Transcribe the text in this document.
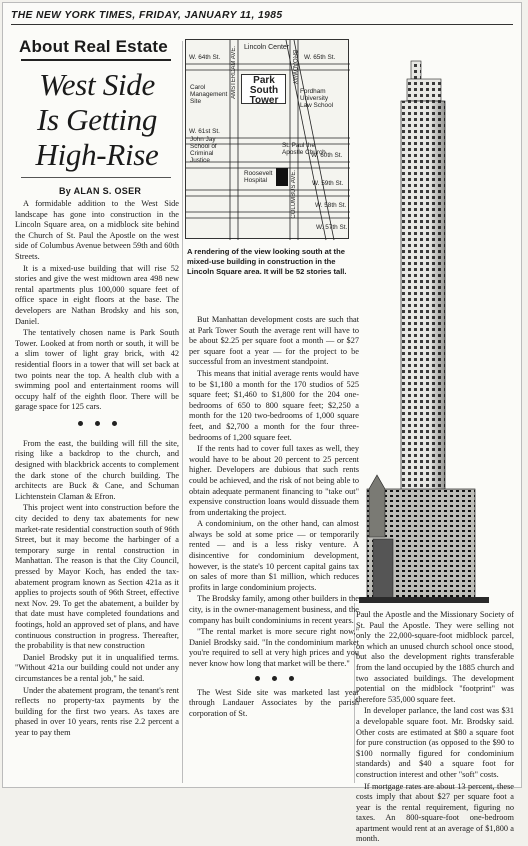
THE NEW YORK TIMES, FRIDAY, JANUARY 11, 1985
About Real Estate
West Side
Is Getting
High-Rise
By ALAN S. OSER

A formidable addition to the West Side landscape has gone into construction in the Lincoln Square area, on a midblock site behind the Church of St. Paul the Apostle on the west side of Columbus Avenue between 59th and 60th Streets.

It is a mixed-use building that will rise 52 stories and give the west midtown area 498 new rental apartments plus 100,000 square feet of office space in eight floors at the base. The developers are Nathan Brodsky and his son, Daniel.

The tentatively chosen name is Park South Tower. Looked at from north or south, it will be a slim tower of light gray brick, with 42 residential floors in a tower that will set back at two points near the top. A health club with a swimming pool and entertainment rooms will occupy half of the eighth floor. There will be garage space for 125 cars.

From the east, the building will fill the site, rising like a backdrop to the church, and designed with blackbrick accents to complement the dark stone of the church building. The architects are Buck & Cane, and Schuman Lichtenstein Claman & Efron.

This project went into construction before the city decided to deny tax abatements for new market-rate residential construction south of 96th Street, but it may become the harbinger of a temporary surge in rental construction in Manhattan. The reason is that the City Council, pressed by Mayor Koch, has ended the tax-abatement program known as Section 421a as it applies to projects south of 96th Street, effective next Nov. 29. To get the abatement, a builder by that date must have completed foundations and footings, hold an approved set of plans, and have continuous construction in progress. Thereafter, the probability is that new construction

Daniel Brodsky put it in unqualified terms. "Without 421a our building could not under any circumstances be a rental job," he said.

Under the abatement program, the tenant's rent reflects no property-tax payments by the building for the first two years. As taxes are phased in over 10 years, rents rise 2.2 percent a year to pay them

W. 65th St.
W. 64th St.
W. 61st St.
W. 60th St.
W. 59th St.
W. 58th St.
W. 57th St.
AMSTERDAM AVE.
COLUMBUS AVE.
BROADWAY
Lincoln Center
Park
South
Tower
Carol
Management
Site
Fordham
University
Law School
John Jay
School of
Criminal
Justice
St. Paul the
Apostle Church
Roosevelt
Hospital
A rendering of the view looking south at the mixed-use building in construction in the Lincoln Square area. It will be 52 stories tall.

But Manhattan development costs are such that at Park Tower South the average rent will have to be about $2.25 per square foot a month — or $27 per square foot a year — for the project to be successful from an investment standpoint.

This means that initial average rents would have to be $1,180 a month for the 170 studios of 525 square feet; $1,460 to $1,800 for the 204 one-bedrooms of 650 to 800 square feet; $2,250 a month for the 120 two-bedrooms of 1,000 square feet, and $2,700 a month for the four three-bedrooms of 1,200 square feet.

If the rents had to cover full taxes as well, they would have to be about 20 percent to 25 percent higher. Developers are dubious that such rents could be achieved, and the risk of not being able to obtain adequate permanent financing to "take out" expensive construction loans would dissuade them from undertaking the project.

A condominium, on the other hand, can almost always be sold at some price — or temporarily rented — and is a less risky venture. A disincentive for condominium development, however, is the state's 10 percent capital gains tax on sales of more than $1 million, which reduces profits in large condominium projects.

The Brodsky family, among other builders in the city, is in the owner-management business, and the company has built condominiums in recent years.

"The rental market is more secure right now," Daniel Brodsky said. "In the condominium market you're required to sell at very high prices and you never know how long that market will be there."

The West Side site was marketed last year through Landauer Associates by the parish corporation of St.

Paul the Apostle and the Missionary Society of St. Paul the Apostle. They were selling not only the 22,000-square-foot midblock parcel, on which an unused church school once stood, but also the development rights transferable from the land occupied by the 1885 church and two associated buildings. The development potential on the midblock "footprint" was therefore 535,000 square feet.

In developer parlance, the land cost was $31 a developable square foot. Mr. Brodsky said. Other costs are estimated at $80 a square foot for pure construction (as opposed to the $90 to $100 normally figured for condominium standards) and $40 a square foot for construction interest and other "soft" costs.

If mortgage rates are about 13 percent, these costs imply that about $27 per square foot a year is the rental requirement, figuring no taxes. An 800-square-foot one-bedroom apartment would rent at an average of $1,800 a month.
